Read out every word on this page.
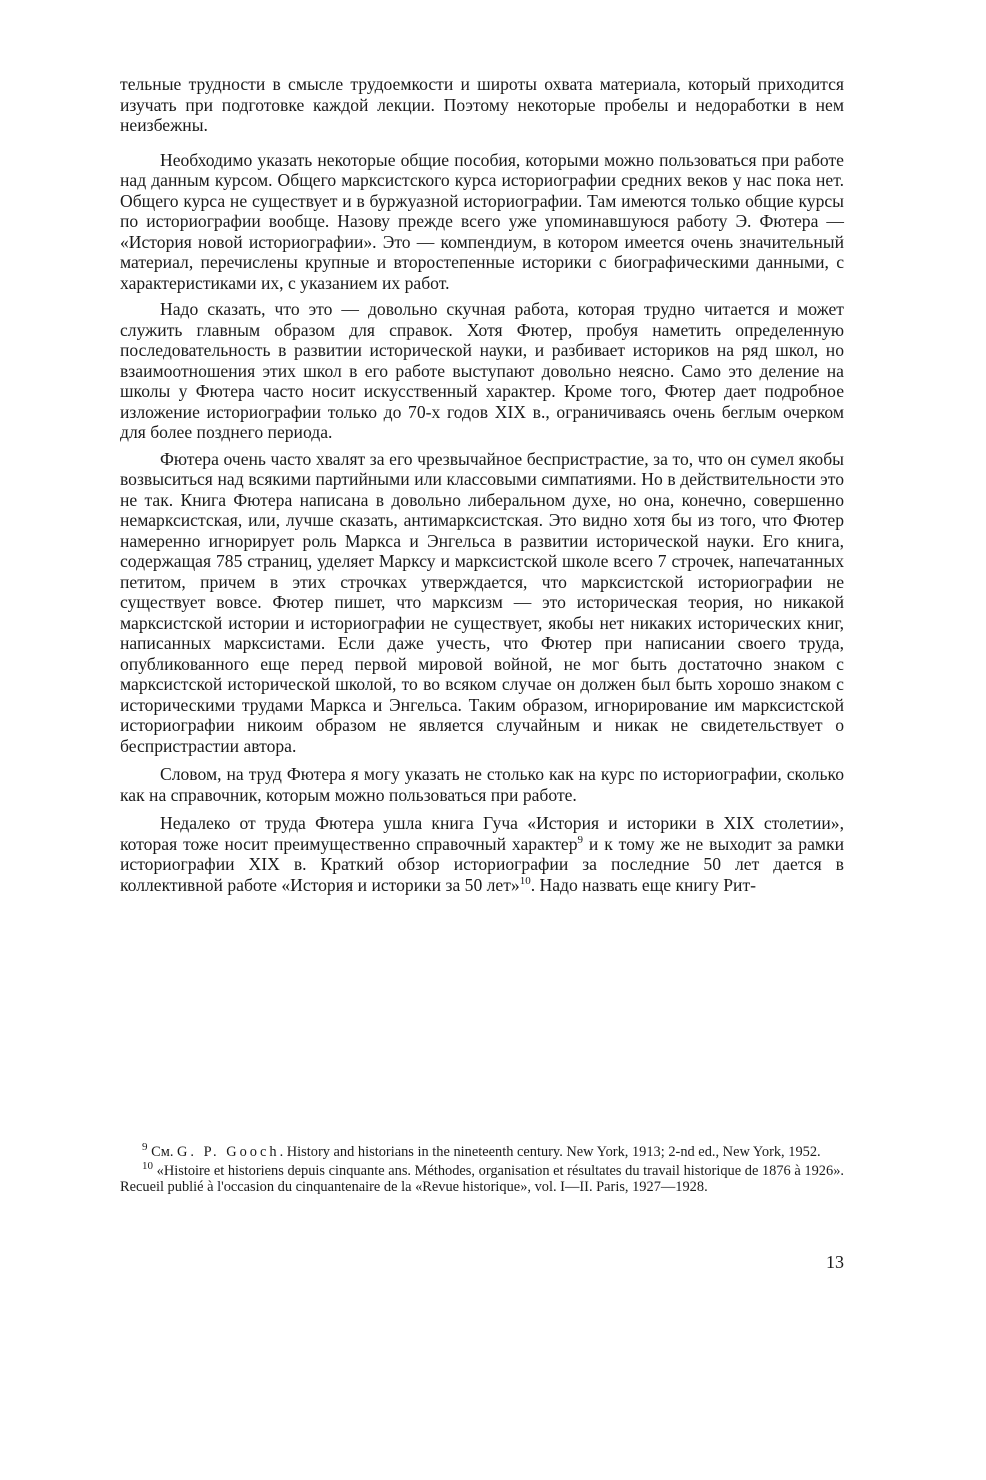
тельные трудности в смысле трудоемкости и широты охвата материала, который приходится изучать при подготовке каждой лекции. Поэтому некоторые пробелы и недоработки в нем неизбежны.

Необходимо указать некоторые общие пособия, которыми можно пользоваться при работе над данным курсом. Общего марксистского курса историографии средних веков у нас пока нет. Общего курса не существует и в буржуазной историографии. Там имеются только общие курсы по историографии вообще. Назову прежде всего уже упоминавшуюся работу Э. Фютера — «История новой историографии». Это — компендиум, в котором имеется очень значительный материал, перечислены крупные и второстепенные историки с биографическими данными, с характеристиками их, с указанием их работ.

Надо сказать, что это — довольно скучная работа, которая трудно читается и может служить главным образом для справок. Хотя Фютер, пробуя наметить определенную последовательность в развитии исторической науки, и разбивает историков на ряд школ, но взаимоотношения этих школ в его работе выступают довольно неясно. Само это деление на школы у Фютера часто носит искусственный характер. Кроме того, Фютер дает подробное изложение историографии только до 70-х годов XIX в., ограничиваясь очень беглым очерком для более позднего периода.

Фютера очень часто хвалят за его чрезвычайное беспристрастие, за то, что он сумел якобы возвыситься над всякими партийными или классовыми симпатиями. Но в действительности это не так. Книга Фютера написана в довольно либеральном духе, но она, конечно, совершенно немарксистская, или, лучше сказать, антимарксистская. Это видно хотя бы из того, что Фютер намеренно игнорирует роль Маркса и Энгельса в развитии исторической науки. Его книга, содержащая 785 страниц, уделяет Марксу и марксистской школе всего 7 строчек, напечатанных петитом, причем в этих строчках утверждается, что марксистской историографии не существует вовсе. Фютер пишет, что марксизм — это историческая теория, но никакой марксистской истории и историографии не существует, якобы нет никаких исторических книг, написанных марксистами. Если даже учесть, что Фютер при написании своего труда, опубликованного еще перед первой мировой войной, не мог быть достаточно знаком с марксистской исторической школой, то во всяком случае он должен был быть хорошо знаком с историческими трудами Маркса и Энгельса. Таким образом, игнорирование им марксистской историографии никоим образом не является случайным и никак не свидетельствует о беспристрастии автора.

Словом, на труд Фютера я могу указать не столько как на курс по историографии, сколько как на справочник, которым можно пользоваться при работе.

Недалеко от труда Фютера ушла книга Гуча «История и историки в XIX столетии», которая тоже носит преимущественно справочный характер$^9$ и к тому же не выходит за рамки историографии XIX в. Краткий обзор историографии за последние 50 лет дается в коллективной работе «История и историки за 50 лет»$^{10}$. Надо назвать еще книгу Рит-

$^9$ См. G. P. Gooch. History and historians in the nineteenth century. New York, 1913; 2-nd ed., New York, 1952.

$^{10}$ «Histoire et historiens depuis cinquante ans. Méthodes, organisation et résultates du travail historique de 1876 à 1926». Recueil publié à l'occasion du cinquantenaire de la «Revue historique», vol. I—II. Paris, 1927—1928.

13
